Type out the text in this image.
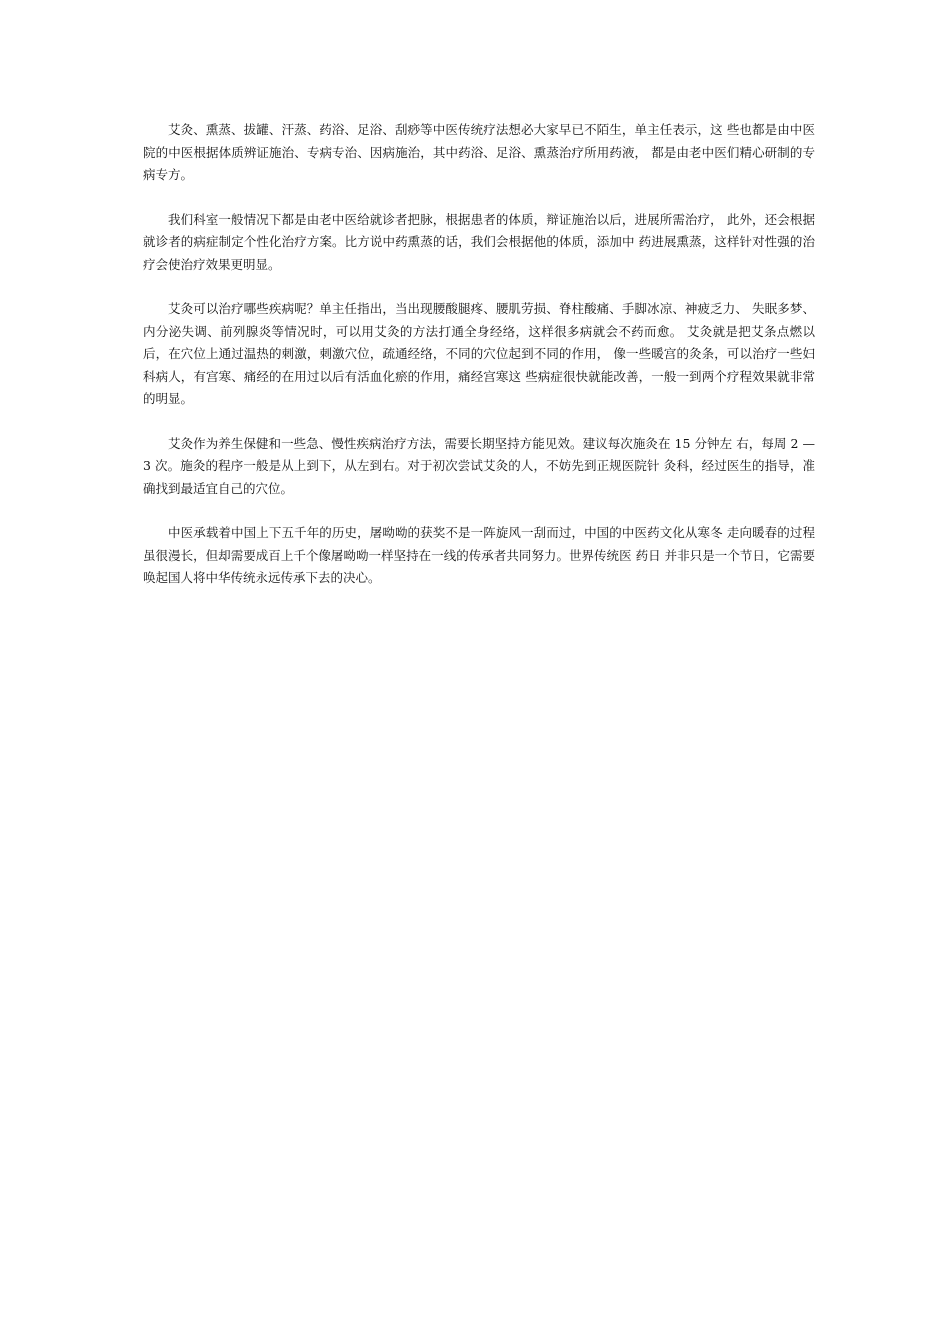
艾灸、熏蒸、拔罐、汗蒸、药浴、足浴、刮痧等中医传统疗法想必大家早已不陌生，单主任表示，这 些也都是由中医院的中医根据体质辨证施治、专病专治、因病施治，其中药浴、足浴、熏蒸治疗所用药液， 都是由老中医们精心研制的专病专方。

我们科室一般情况下都是由老中医给就诊者把脉，根据患者的体质，辩证施治以后，进展所需治疗， 此外，还会根据就诊者的病症制定个性化治疗方案。比方说中药熏蒸的话，我们会根据他的体质，添加中 药进展熏蒸，这样针对性强的治疗会使治疗效果更明显。

艾灸可以治疗哪些疾病呢？单主任指出，当出现腰酸腿疼、腰肌劳损、脊柱酸痛、手脚冰凉、神疲乏力、 失眠多梦、内分泌失调、前列腺炎等情况时，可以用艾灸的方法打通全身经络，这样很多病就会不药而愈。 艾灸就是把艾条点燃以后，在穴位上通过温热的刺激，刺激穴位，疏通经络，不同的穴位起到不同的作用， 像一些暖宫的灸条，可以治疗一些妇科病人，有宫寒、痛经的在用过以后有活血化瘀的作用，痛经宫寒这 些病症很快就能改善，一般一到两个疗程效果就非常的明显。

艾灸作为养生保健和一些急、慢性疾病治疗方法，需要长期坚持方能见效。建议每次施灸在 15 分钟左 右，每周 2 — 3 次。施灸的程序一般是从上到下，从左到右。对于初次尝试艾灸的人，不妨先到正规医院针 灸科，经过医生的指导，准确找到最适宜自己的穴位。

中医承载着中国上下五千年的历史，屠呦呦的获奖不是一阵旋风一刮而过，中国的中医药文化从寒冬 走向暖春的过程虽很漫长，但却需要成百上千个像屠呦呦一样坚持在一线的传承者共同努力。世界传统医 药日 并非只是一个节日，它需要唤起国人将中华传统永远传承下去的决心。
